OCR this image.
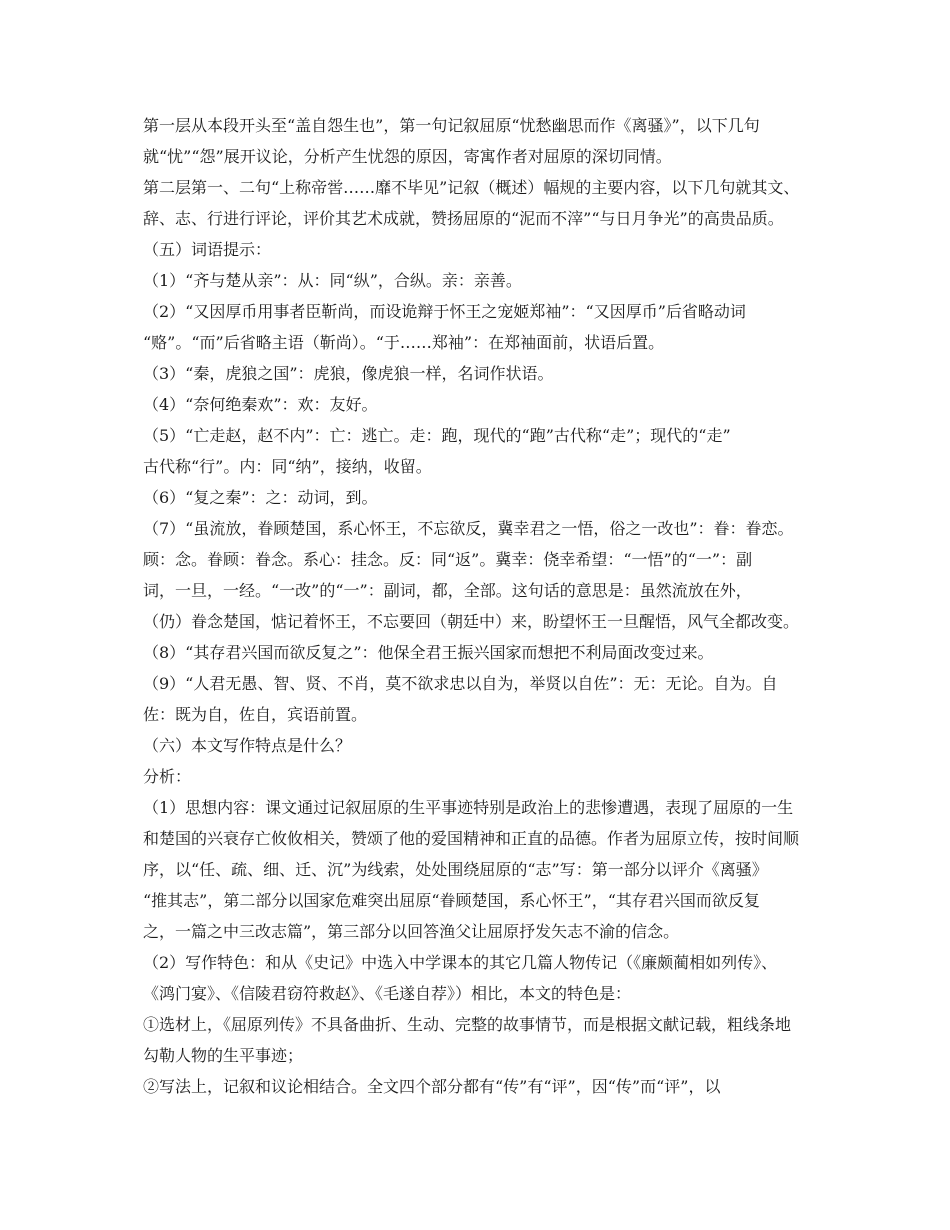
第一层从本段开头至“盖自怨生也”，第一句记叙屈原“忧愁幽思而作《离骚》”，以下几句
就“忧”“怨”展开议论，分析产生忧怨的原因，寄寓作者对屈原的深切同情。
第二层第一、二句“上称帝喾……靡不毕见”记叙（概述）幅规的主要内容，以下几句就其文、
辞、志、行进行评论，评价其艺术成就，赞扬屈原的“泥而不滓”“与日月争光”的高贵品质。
（五）词语提示：
（1）“齐与楚从亲”：从：同“纵”，合纵。亲：亲善。
（2）“又因厚币用事者臣靳尚，而设诡辩于怀王之宠姬郑袖”：“又因厚币”后省略动词
“赂”。“而”后省略主语（靳尚）。“于……郑袖”：在郑袖面前，状语后置。
（3）“秦，虎狼之国”：虎狼，像虎狼一样，名词作状语。
（4）“奈何绝秦欢”：欢：友好。
（5）“亡走赵，赵不内”：亡：逃亡。走：跑，现代的“跑”古代称“走”；现代的“走”
古代称“行”。内：同“纳”，接纳，收留。
（6）“复之秦”：之：动词，到。
（7）“虽流放，眷顾楚国，系心怀王，不忘欲反，冀幸君之一悟，俗之一改也”：眷：眷恋。
顾：念。眷顾：眷念。系心：挂念。反：同“返”。冀幸：侥幸希望：“一悟”的“一”：副
词，一旦，一经。“一改”的“一”：副词，都，全部。这句话的意思是：虽然流放在外，
（仍）眷念楚国，惦记着怀王，不忘要回（朝廷中）来，盼望怀王一旦醒悟，风气全都改变。
（8）“其存君兴国而欲反复之”：他保全君王振兴国家而想把不利局面改变过来。
（9）“人君无愚、智、贤、不肖，莫不欲求忠以自为，举贤以自佐”：无：无论。自为。自
佐：既为自，佐自，宾语前置。
（六）本文写作特点是什么？
分析：
（1）思想内容：课文通过记叙屈原的生平事迹特别是政治上的悲惨遭遇，表现了屈原的一生
和楚国的兴衰存亡攸攸相关，赞颂了他的爱国精神和正直的品德。作者为屈原立传，按时间顺
序，以“任、疏、细、迁、沉”为线索，处处围绕屈原的“志”写：第一部分以评介《离骚》
“推其志”，第二部分以国家危难突出屈原“眷顾楚国，系心怀王”，“其存君兴国而欲反复
之，一篇之中三改志篇”，第三部分以回答渔父让屈原抒发矢志不渝的信念。
（2）写作特色：和从《史记》中选入中学课本的其它几篇人物传记（《廉颇蔺相如列传》、
《鸿门宴》、《信陵君窃符救赵》、《毛遂自荐》）相比，本文的特色是：
①选材上，《屈原列传》不具备曲折、生动、完整的故事情节，而是根据文献记载，粗线条地
勾勒人物的生平事迹；
②写法上，记叙和议论相结合。全文四个部分都有“传”有“评”，因“传”而“评”，以
